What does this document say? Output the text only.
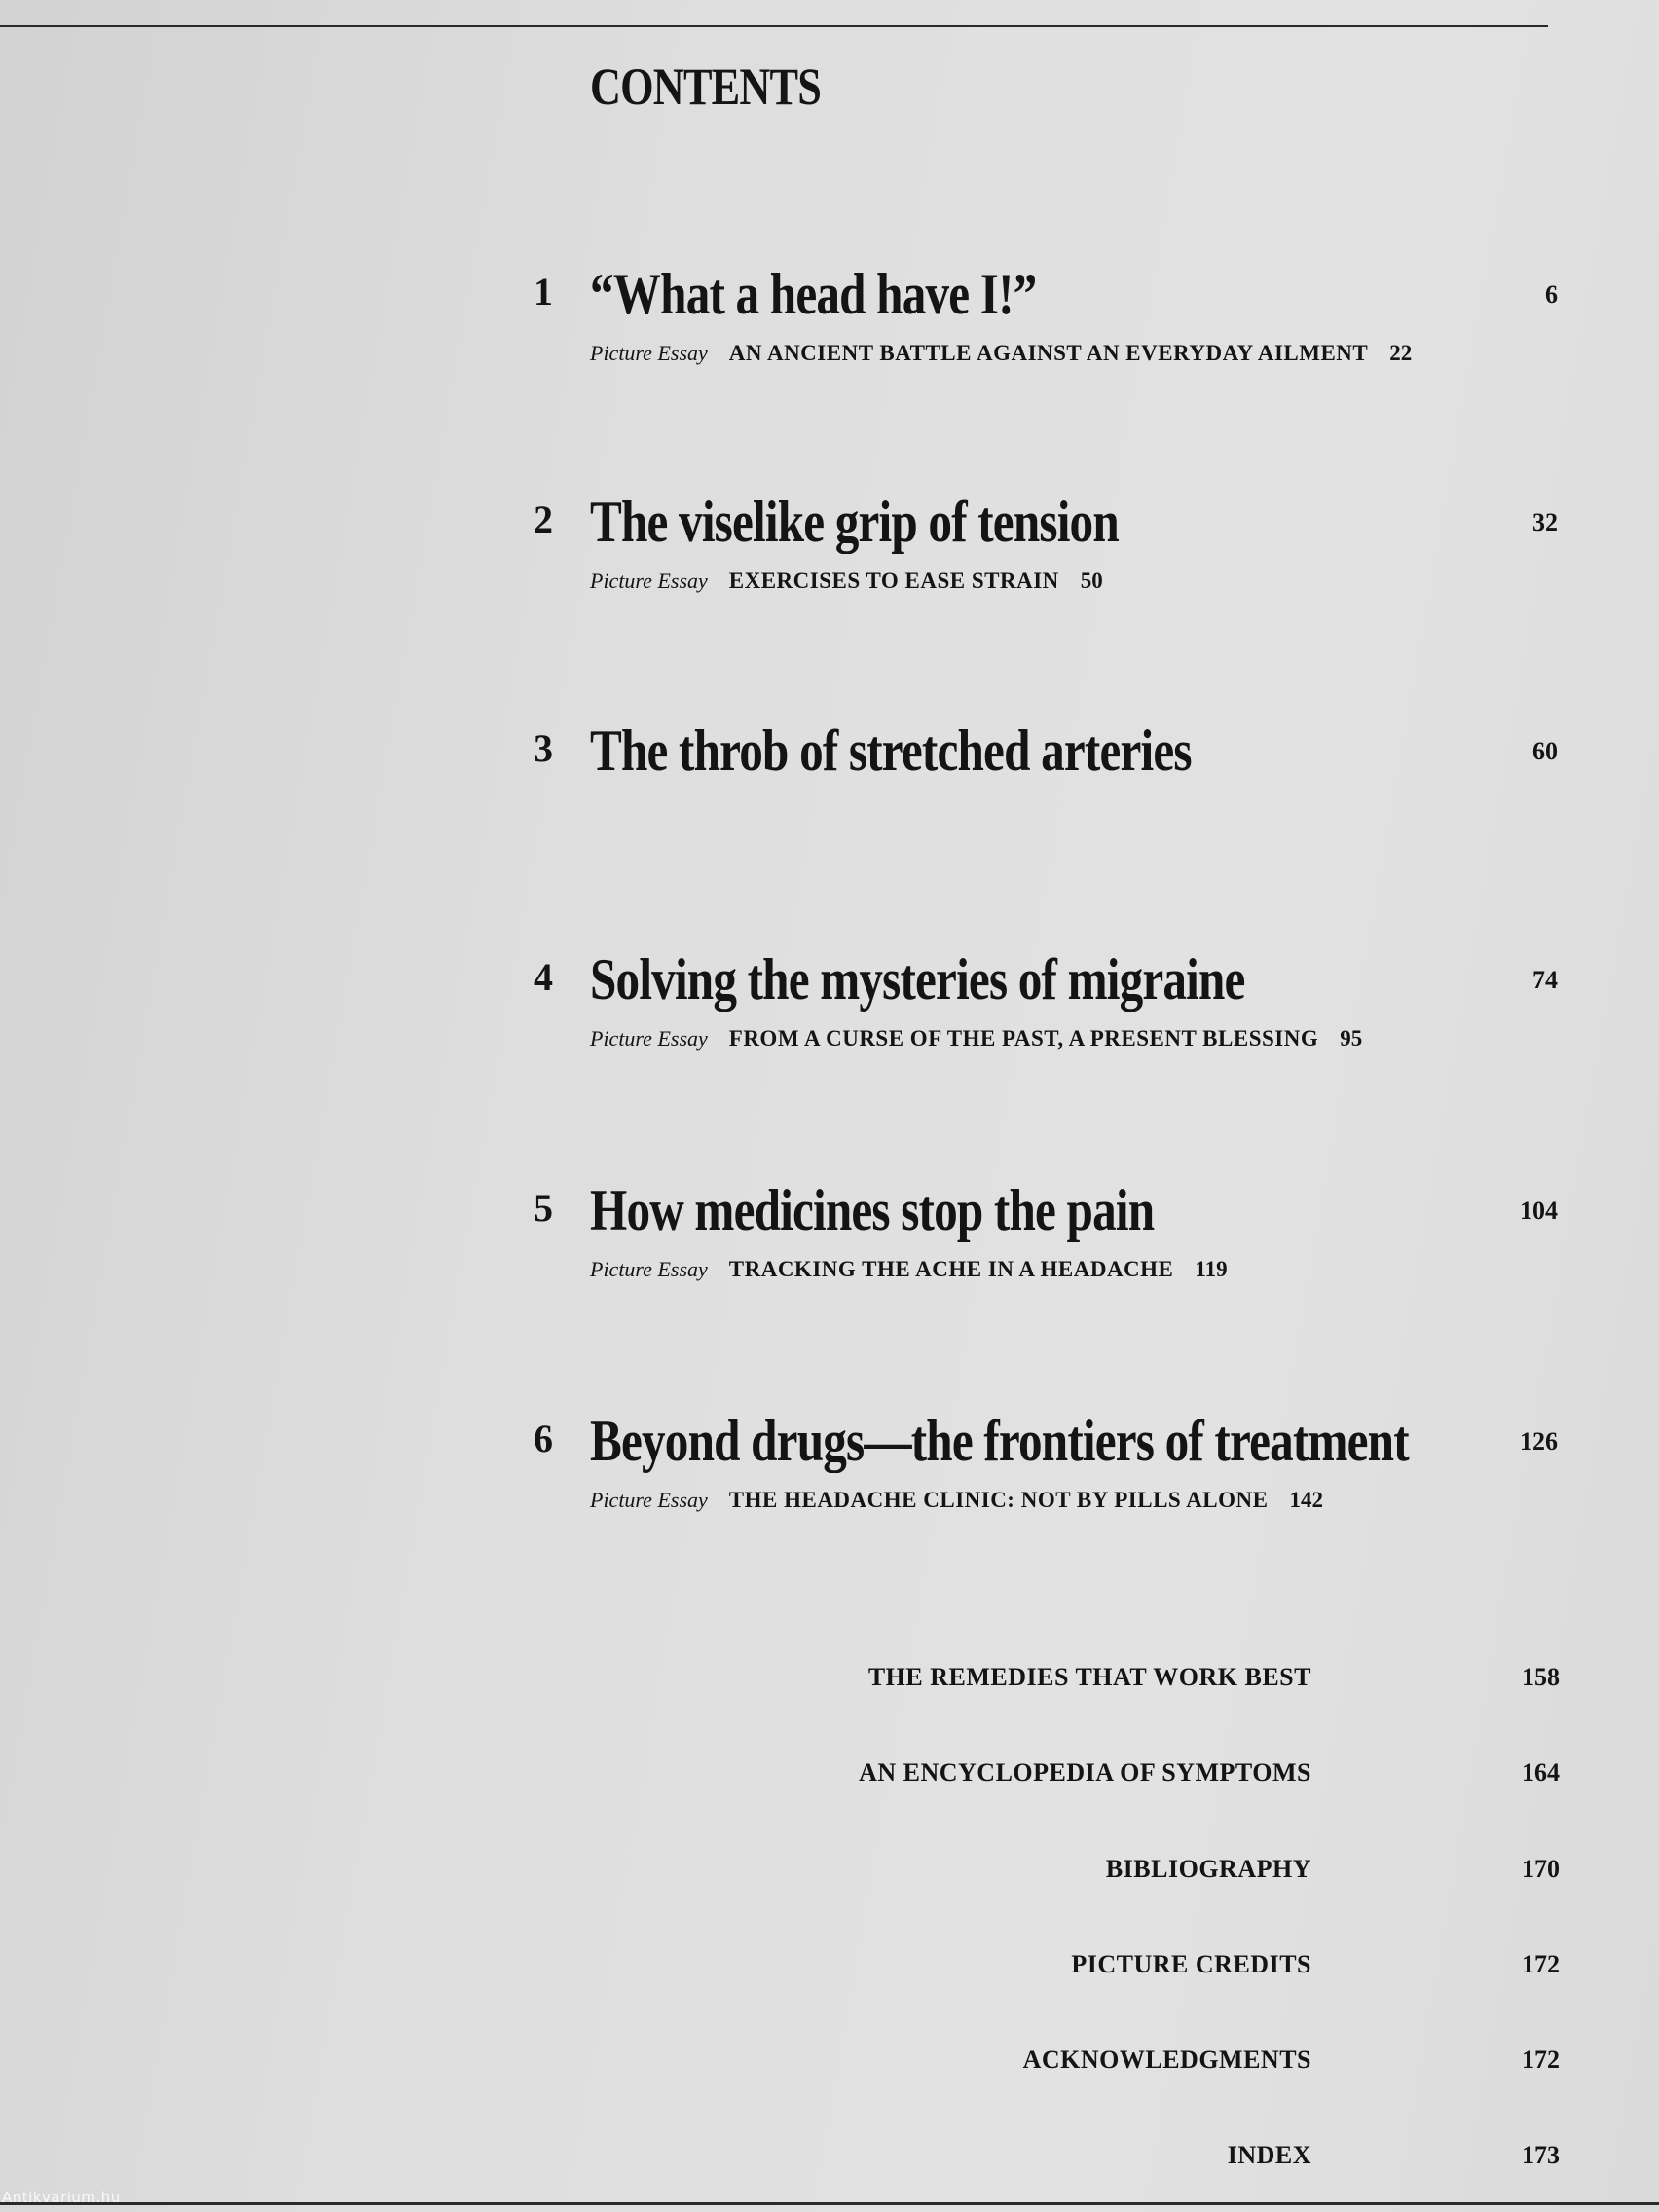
CONTENTS
1 “What a head have I!”	6
Picture Essay AN ANCIENT BATTLE AGAINST AN EVERYDAY AILMENT 22
2 The viselike grip of tension	32
Picture Essay EXERCISES TO EASE STRAIN 50
3 The throb of stretched arteries	60
4 Solving the mysteries of migraine	74
Picture Essay FROM A CURSE OF THE PAST, A PRESENT BLESSING 95
5 How medicines stop the pain	104
Picture Essay TRACKING THE ACHE IN A HEADACHE 119
6 Beyond drugs—the frontiers of treatment	126
Picture Essay THE HEADACHE CLINIC: NOT BY PILLS ALONE 142
THE REMEDIES THAT WORK BEST	158
AN ENCYCLOPEDIA OF SYMPTOMS	164
BIBLIOGRAPHY	170
PICTURE CREDITS	172
ACKNOWLEDGMENTS	172
INDEX	173
Antikvarium.hu
